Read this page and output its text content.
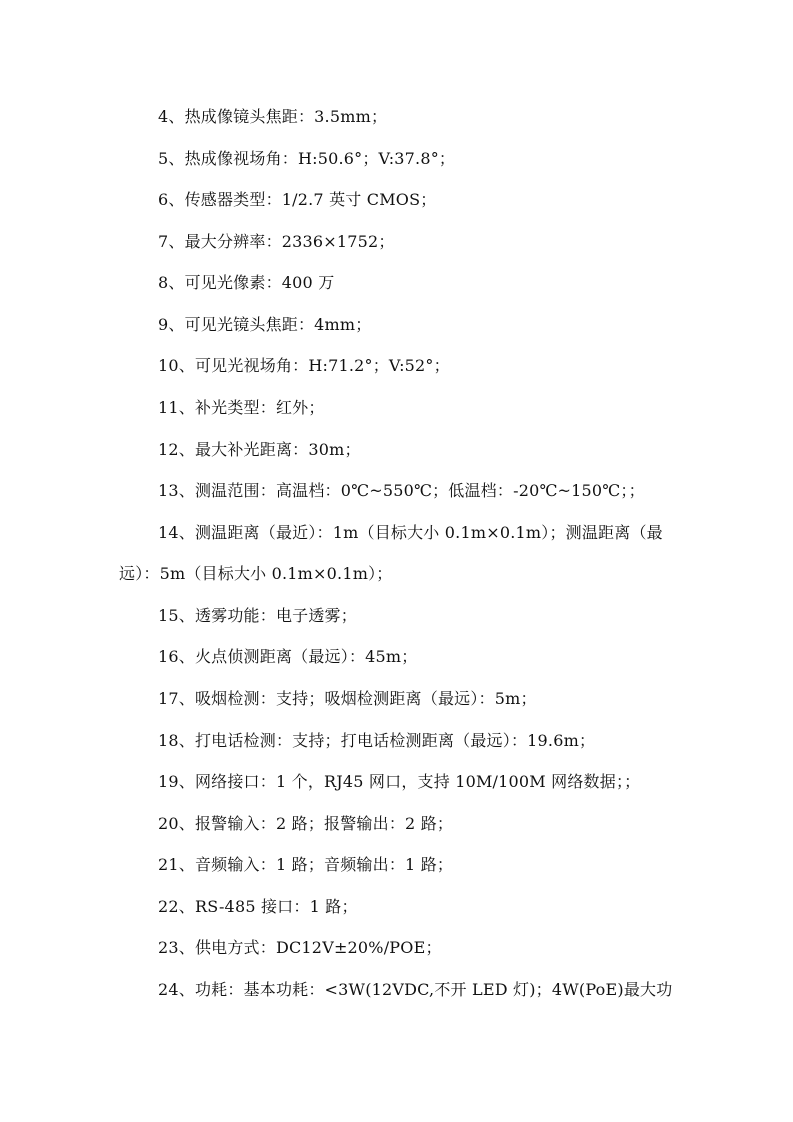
4、热成像镜头焦距：3.5mm；
5、热成像视场角：H:50.6°；V:37.8°；
6、传感器类型：1/2.7 英寸 CMOS；
7、最大分辨率：2336×1752；
8、可见光像素：400 万
9、可见光镜头焦距：4mm；
10、可见光视场角：H:71.2°；V:52°；
11、补光类型：红外；
12、最大补光距离：30m；
13、测温范围：高温档：0℃~550℃；低温档：-20℃~150℃；；
14、测温距离（最近）：1m（目标大小 0.1m×0.1m）；测温距离（最
远）：5m（目标大小 0.1m×0.1m）；
15、透雾功能：电子透雾；
16、火点侦测距离（最远）：45m；
17、吸烟检测：支持；吸烟检测距离（最远）：5m；
18、打电话检测：支持；打电话检测距离（最远）：19.6m；
19、网络接口：1 个，RJ45 网口，支持 10M/100M 网络数据；；
20、报警输入：2 路；报警输出：2 路；
21、音频输入：1 路；音频输出：1 路；
22、RS-485 接口：1 路；
23、供电方式：DC12V±20%/POE；
24、功耗：基本功耗：<3W(12VDC,不开 LED 灯)；4W(PoE)最大功
